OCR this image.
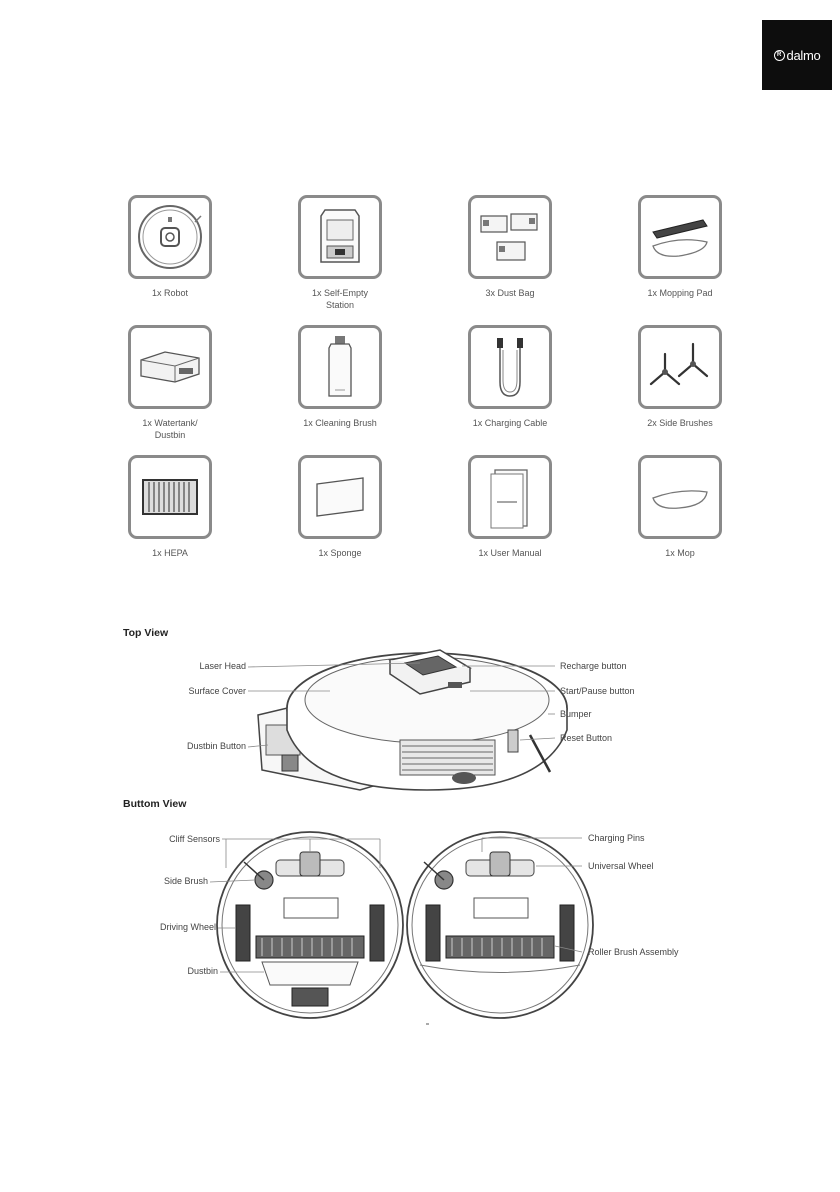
R dalmo
1x Robot	1x Self-Empty
Station
3x Dust Bag	1x Mopping Pad
1x Watertank/
Dustbin
1x Cleaning Brush	1x Charging Cable	2x Side Brushes
1x HEPA	1x Sponge	1x User Manual	1x Mop
Top View
Laser Head
Surface Cover
Dustbin Button
Recharge button
Start/Pause button
Bumper
Reset Button
Buttom View
Cliff Sensors
Side Brush
Driving Wheel
Dustbin
Charging Pins
Universal Wheel
Roller Brush Assembly
